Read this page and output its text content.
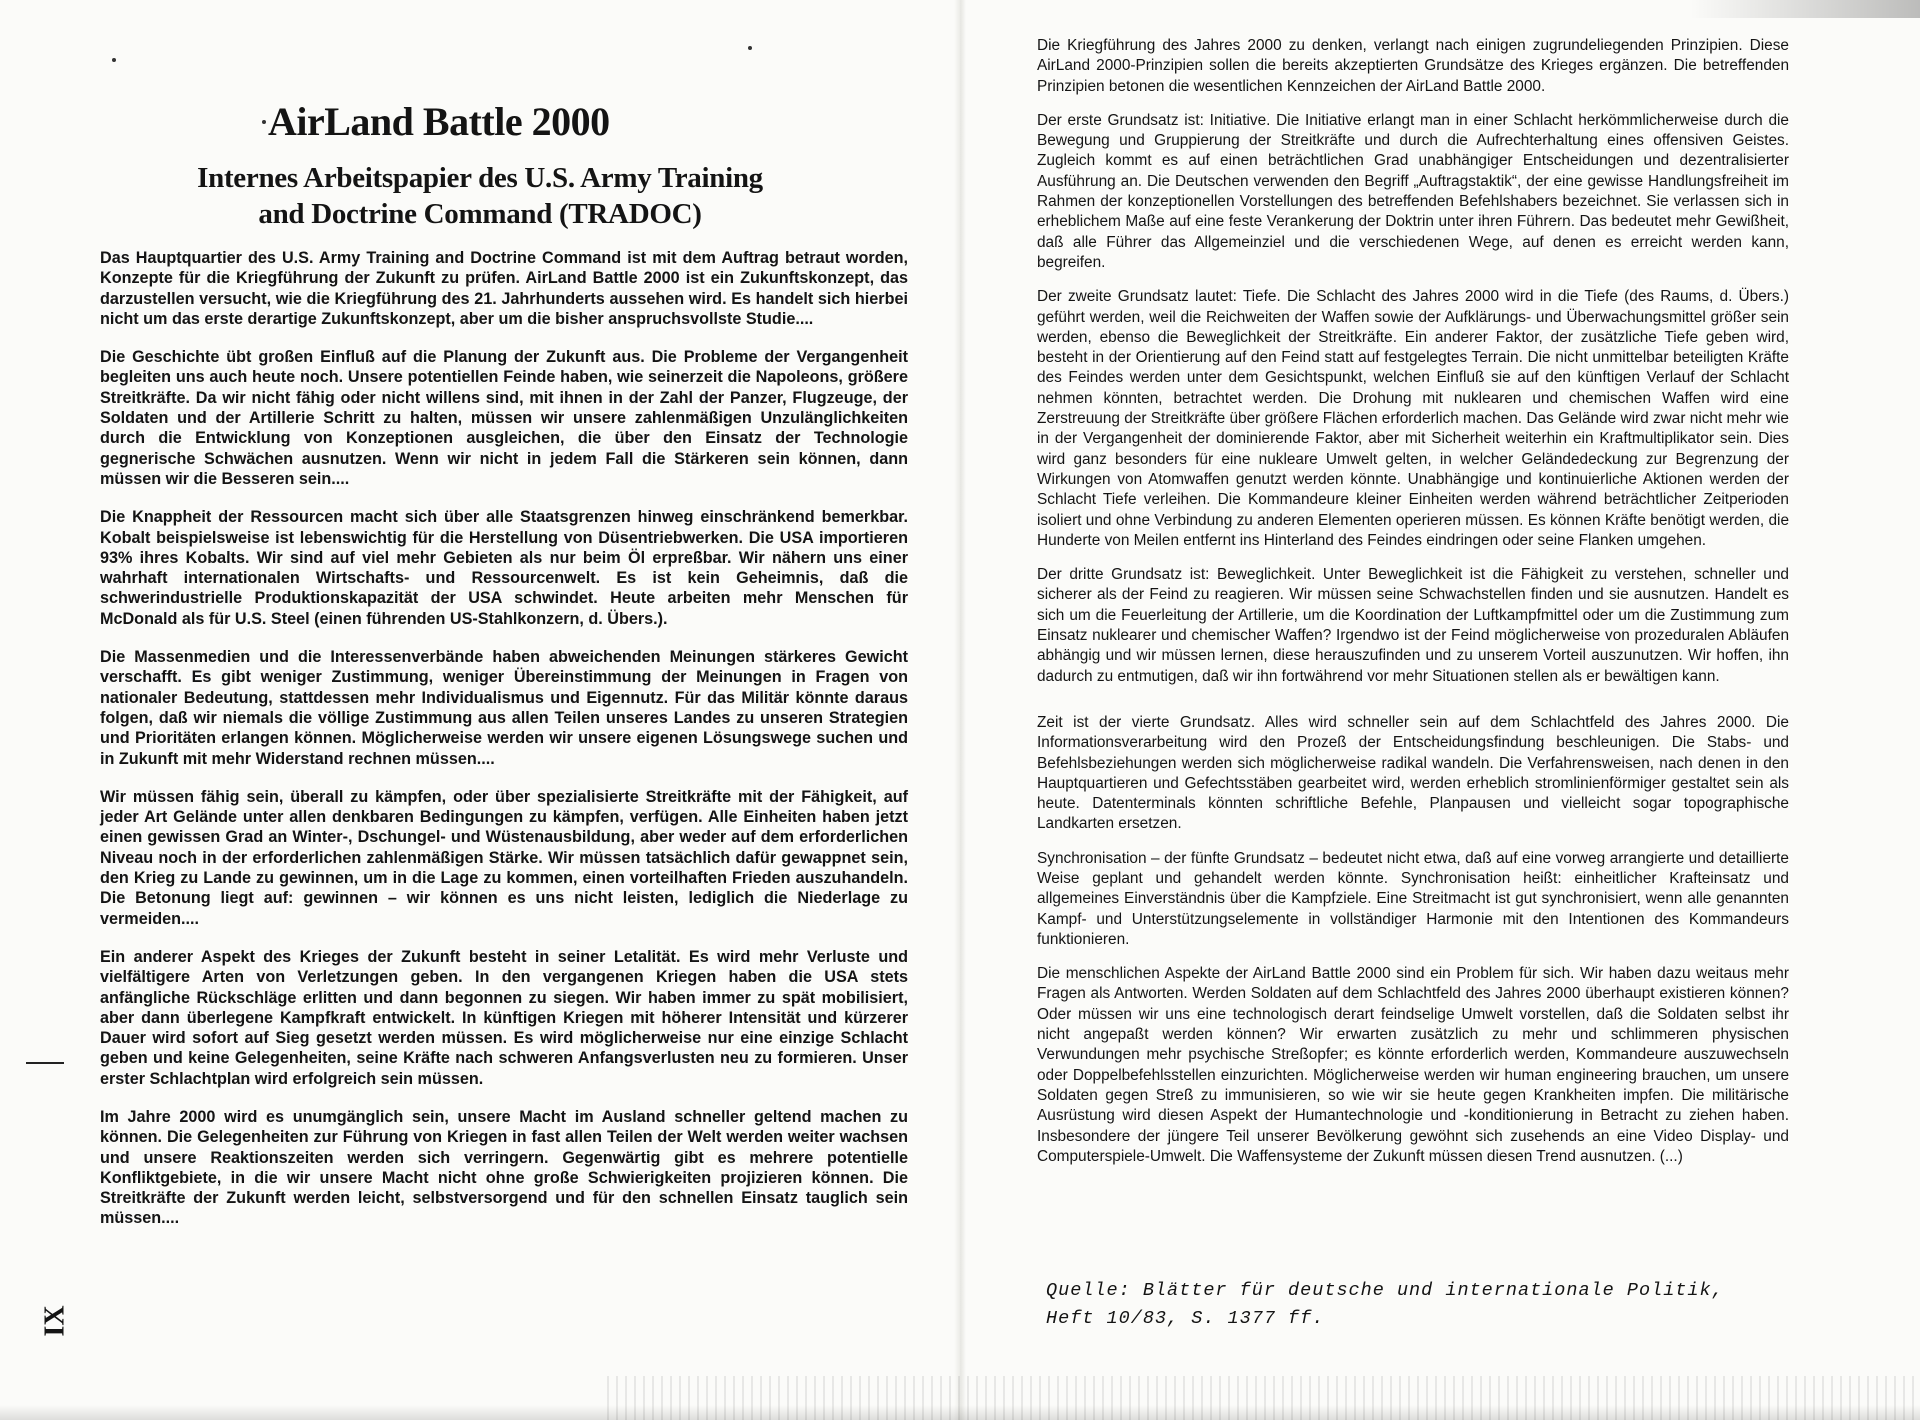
AirLand Battle 2000
Internes Arbeitspapier des U.S. Army Training
and Doctrine Command (TRADOC)

Das Hauptquartier des U.S. Army Training and Doctrine Command ist mit dem Auftrag betraut worden, Konzepte für die Kriegführung der Zukunft zu prüfen. AirLand Battle 2000 ist ein Zukunftskonzept, das darzustellen versucht, wie die Kriegführung des 21. Jahrhunderts aussehen wird. Es handelt sich hierbei nicht um das erste derartige Zukunftskonzept, aber um die bisher anspruchsvollste Studie....

Die Geschichte übt großen Einfluß auf die Planung der Zukunft aus. Die Probleme der Vergangenheit begleiten uns auch heute noch. Unsere potentiellen Feinde haben, wie seinerzeit die Napoleons, größere Streitkräfte. Da wir nicht fähig oder nicht willens sind, mit ihnen in der Zahl der Panzer, Flugzeuge, der Soldaten und der Artillerie Schritt zu halten, müssen wir unsere zahlenmäßigen Unzulänglichkeiten durch die Entwicklung von Konzeptionen ausgleichen, die über den Einsatz der Technologie gegnerische Schwächen ausnutzen. Wenn wir nicht in jedem Fall die Stärkeren sein können, dann müssen wir die Besseren sein....

Die Knappheit der Ressourcen macht sich über alle Staatsgrenzen hinweg einschränkend bemerkbar. Kobalt beispielsweise ist lebenswichtig für die Herstellung von Düsentriebwerken. Die USA importieren 93% ihres Kobalts. Wir sind auf viel mehr Gebieten als nur beim Öl erpreßbar. Wir nähern uns einer wahrhaft internationalen Wirtschafts- und Ressourcenwelt. Es ist kein Geheimnis, daß die schwerindustrielle Produktionskapazität der USA schwindet. Heute arbeiten mehr Menschen für McDonald als für U.S. Steel (einen führenden US-Stahlkonzern, d. Übers.).

Die Massenmedien und die Interessenverbände haben abweichenden Meinungen stärkeres Gewicht verschafft. Es gibt weniger Zustimmung, weniger Übereinstimmung der Meinungen in Fragen von nationaler Bedeutung, stattdessen mehr Individualismus und Eigennutz. Für das Militär könnte daraus folgen, daß wir niemals die völlige Zustimmung aus allen Teilen unseres Landes zu unseren Strategien und Prioritäten erlangen können. Möglicherweise werden wir unsere eigenen Lösungswege suchen und in Zukunft mit mehr Widerstand rechnen müssen....

Wir müssen fähig sein, überall zu kämpfen, oder über spezialisierte Streitkräfte mit der Fähigkeit, auf jeder Art Gelände unter allen denkbaren Bedingungen zu kämpfen, verfügen. Alle Einheiten haben jetzt einen gewissen Grad an Winter-, Dschungel- und Wüstenausbildung, aber weder auf dem erforderlichen Niveau noch in der erforderlichen zahlenmäßigen Stärke. Wir müssen tatsächlich dafür gewappnet sein, den Krieg zu Lande zu gewinnen, um in die Lage zu kommen, einen vorteilhaften Frieden auszuhandeln. Die Betonung liegt auf: gewinnen – wir können es uns nicht leisten, lediglich die Niederlage zu vermeiden....

Ein anderer Aspekt des Krieges der Zukunft besteht in seiner Letalität. Es wird mehr Verluste und vielfältigere Arten von Verletzungen geben. In den vergangenen Kriegen haben die USA stets anfängliche Rückschläge erlitten und dann begonnen zu siegen. Wir haben immer zu spät mobilisiert, aber dann überlegene Kampfkraft entwickelt. In künftigen Kriegen mit höherer Intensität und kürzerer Dauer wird sofort auf Sieg gesetzt werden müssen. Es wird möglicherweise nur eine einzige Schlacht geben und keine Gelegenheiten, seine Kräfte nach schweren Anfangsverlusten neu zu formieren. Unser erster Schlachtplan wird erfolgreich sein müssen.

Im Jahre 2000 wird es unumgänglich sein, unsere Macht im Ausland schneller geltend machen zu können. Die Gelegenheiten zur Führung von Kriegen in fast allen Teilen der Welt werden weiter wachsen und unsere Reaktionszeiten werden sich verringern. Gegenwärtig gibt es mehrere potentielle Konfliktgebiete, in die wir unsere Macht nicht ohne große Schwierigkeiten projizieren können. Die Streitkräfte der Zukunft werden leicht, selbstversorgend und für den schnellen Einsatz tauglich sein müssen....

IX

Die Kriegführung des Jahres 2000 zu denken, verlangt nach einigen zugrundeliegenden Prinzipien. Diese AirLand 2000-Prinzipien sollen die bereits akzeptierten Grundsätze des Krieges ergänzen. Die betreffenden Prinzipien betonen die wesentlichen Kennzeichen der AirLand Battle 2000.

Der erste Grundsatz ist: Initiative. Die Initiative erlangt man in einer Schlacht herkömmlicherweise durch die Bewegung und Gruppierung der Streitkräfte und durch die Aufrechterhaltung eines offensiven Geistes. Zugleich kommt es auf einen beträchtlichen Grad unabhängiger Entscheidungen und dezentralisierter Ausführung an. Die Deutschen verwenden den Begriff „Auftragstaktik“, der eine gewisse Handlungsfreiheit im Rahmen der konzeptionellen Vorstellungen des betreffenden Befehlshabers bezeichnet. Sie verlassen sich in erheblichem Maße auf eine feste Verankerung der Doktrin unter ihren Führern. Das bedeutet mehr Gewißheit, daß alle Führer das Allgemeinziel und die verschiedenen Wege, auf denen es erreicht werden kann, begreifen.

Der zweite Grundsatz lautet: Tiefe. Die Schlacht des Jahres 2000 wird in die Tiefe (des Raums, d. Übers.) geführt werden, weil die Reichweiten der Waffen sowie der Aufklärungs- und Überwachungsmittel größer sein werden, ebenso die Beweglichkeit der Streitkräfte. Ein anderer Faktor, der zusätzliche Tiefe geben wird, besteht in der Orientierung auf den Feind statt auf festgelegtes Terrain. Die nicht unmittelbar beteiligten Kräfte des Feindes werden unter dem Gesichtspunkt, welchen Einfluß sie auf den künftigen Verlauf der Schlacht nehmen könnten, betrachtet werden. Die Drohung mit nuklearen und chemischen Waffen wird eine Zerstreuung der Streitkräfte über größere Flächen erforderlich machen. Das Gelände wird zwar nicht mehr wie in der Vergangenheit der dominierende Faktor, aber mit Sicherheit weiterhin ein Kraftmultiplikator sein. Dies wird ganz besonders für eine nukleare Umwelt gelten, in welcher Geländedeckung zur Begrenzung der Wirkungen von Atomwaffen genutzt werden könnte. Unabhängige und kontinuierliche Aktionen werden der Schlacht Tiefe verleihen. Die Kommandeure kleiner Einheiten werden während beträchtlicher Zeitperioden isoliert und ohne Verbindung zu anderen Elementen operieren müssen. Es können Kräfte benötigt werden, die Hunderte von Meilen entfernt ins Hinterland des Feindes eindringen oder seine Flanken umgehen.

Der dritte Grundsatz ist: Beweglichkeit. Unter Beweglichkeit ist die Fähigkeit zu verstehen, schneller und sicherer als der Feind zu reagieren. Wir müssen seine Schwachstellen finden und sie ausnutzen. Handelt es sich um die Feuerleitung der Artillerie, um die Koordination der Luftkampfmittel oder um die Zustimmung zum Einsatz nuklearer und chemischer Waffen? Irgendwo ist der Feind möglicherweise von prozeduralen Abläufen abhängig und wir müssen lernen, diese herauszufinden und zu unserem Vorteil auszunutzen. Wir hoffen, ihn dadurch zu entmutigen, daß wir ihn fortwährend vor mehr Situationen stellen als er bewältigen kann.

Zeit ist der vierte Grundsatz. Alles wird schneller sein auf dem Schlachtfeld des Jahres 2000. Die Informationsverarbeitung wird den Prozeß der Entscheidungsfindung beschleunigen. Die Stabs- und Befehlsbeziehungen werden sich möglicherweise radikal wandeln. Die Verfahrensweisen, nach denen in den Hauptquartieren und Gefechtsstäben gearbeitet wird, werden erheblich stromlinienförmiger gestaltet sein als heute. Datenterminals könnten schriftliche Befehle, Planpausen und vielleicht sogar topographische Landkarten ersetzen.

Synchronisation – der fünfte Grundsatz – bedeutet nicht etwa, daß auf eine vorweg arrangierte und detaillierte Weise geplant und gehandelt werden könnte. Synchronisation heißt: einheitlicher Krafteinsatz und allgemeines Einverständnis über die Kampfziele. Eine Streitmacht ist gut synchronisiert, wenn alle genannten Kampf- und Unterstützungselemente in vollständiger Harmonie mit den Intentionen des Kommandeurs funktionieren.

Die menschlichen Aspekte der AirLand Battle 2000 sind ein Problem für sich. Wir haben dazu weitaus mehr Fragen als Antworten. Werden Soldaten auf dem Schlachtfeld des Jahres 2000 überhaupt existieren können? Oder müssen wir uns eine technologisch derart feindselige Umwelt vorstellen, daß die Soldaten selbst ihr nicht angepaßt werden können? Wir erwarten zusätzlich zu mehr und schlimmeren physischen Verwundungen mehr psychische Streßopfer; es könnte erforderlich werden, Kommandeure auszuwechseln oder Doppelbefehlsstellen einzurichten. Möglicherweise werden wir human engineering brauchen, um unsere Soldaten gegen Streß zu immunisieren, so wie wir sie heute gegen Krankheiten impfen. Die militärische Ausrüstung wird diesen Aspekt der Humantechnologie und -konditionierung in Betracht zu ziehen haben. Insbesondere der jüngere Teil unserer Bevölkerung gewöhnt sich zusehends an eine Video Display- und Computerspiele-Umwelt. Die Waffensysteme der Zukunft müssen diesen Trend ausnutzen. (...)

Quelle: Blätter für deutsche und internationale Politik,
Heft 10/83, S. 1377 ff.
